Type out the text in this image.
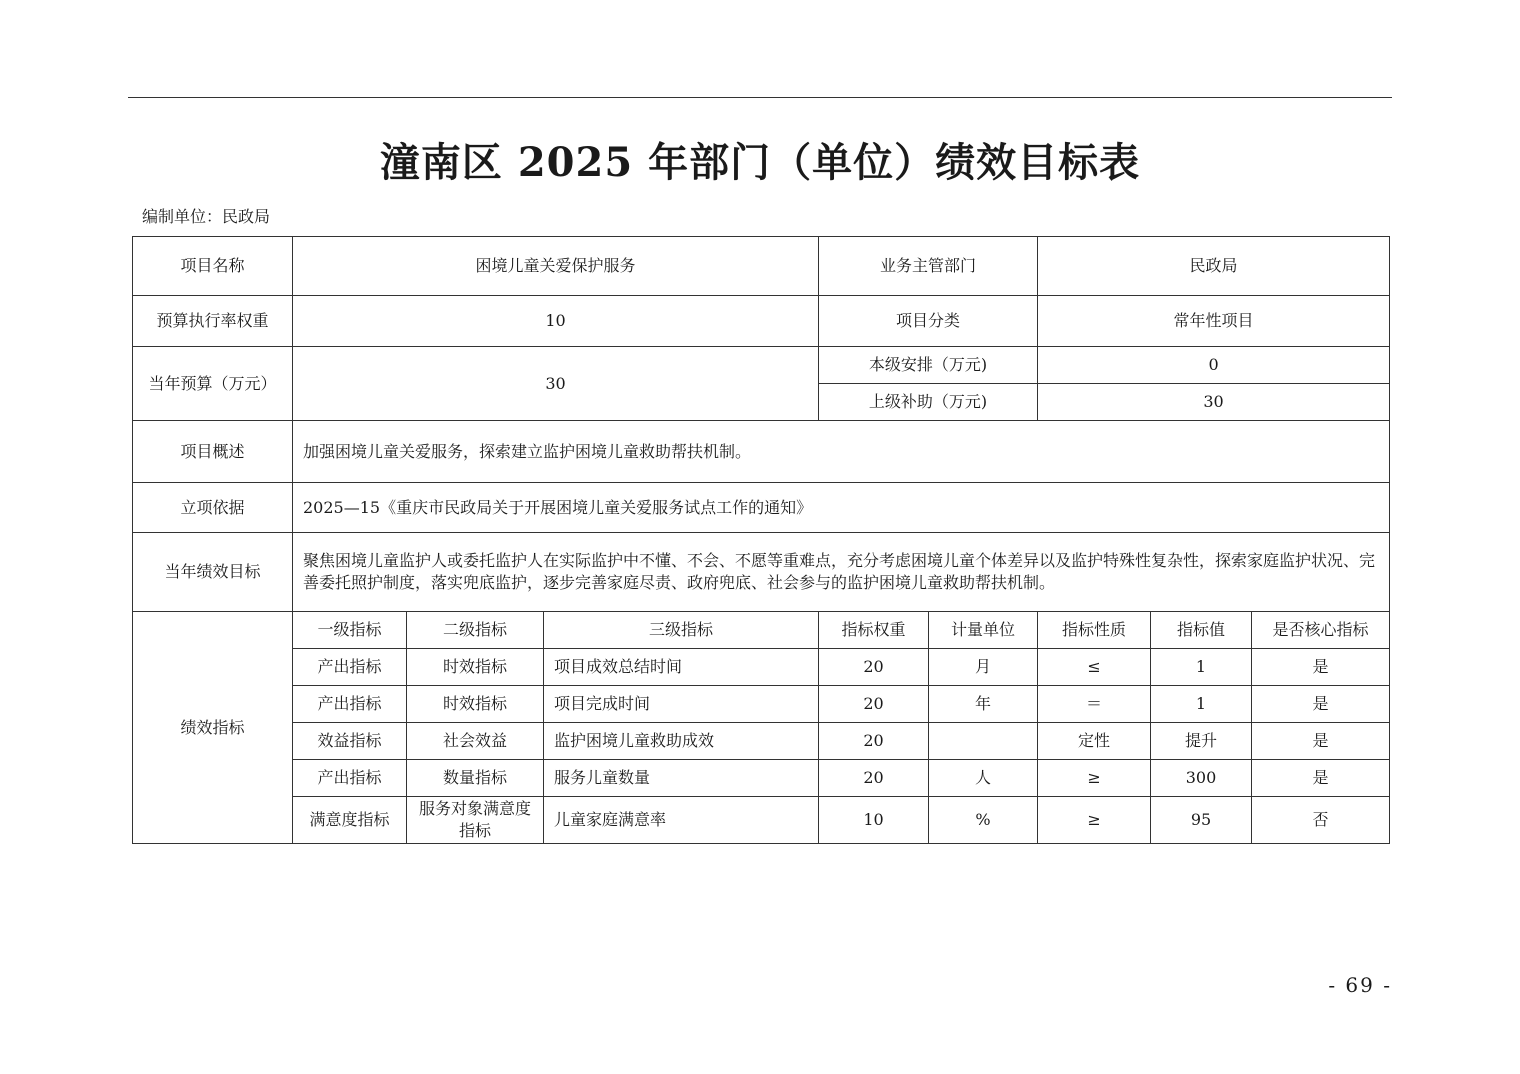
潼南区 2025 年部门（单位）绩效目标表
编制单位：民政局
项目名称	困境儿童关爱保护服务			业务主管部门		民政局		
预算执行率权重	10			项目分类		常年性项目		
当年预算（万元）	30			本级安排（万元)		0		
				上级补助（万元)		30		
项目概述	加强困境儿童关爱服务，探索建立监护困境儿童救助帮扶机制。							
立项依据	2025—15《重庆市民政局关于开展困境儿童关爱服务试点工作的通知》							
当年绩效目标	聚焦困境儿童监护人或委托监护人在实际监护中不懂、不会、不愿等重难点，充分考虑困境儿童个体差异以及监护特殊性复杂性，探索家庭监护状况、完善委托照护制度，落实兜底监护，逐步完善家庭尽责、政府兜底、社会参与的监护困境儿童救助帮扶机制。							
绩效指标	一级指标	二级指标	三级指标	指标权重	计量单位	指标性质	指标值	是否核心指标
	产出指标	时效指标	项目成效总结时间	20	月	≤	1	是
	产出指标	时效指标	项目完成时间	20	年	＝	1	是
	效益指标	社会效益	监护困境儿童救助成效	20		定性	提升	是
	产出指标	数量指标	服务儿童数量	20	人	≥	300	是
	满意度指标	服务对象满意度指标	儿童家庭满意率	10	%	≥	95	否
- 69 -
